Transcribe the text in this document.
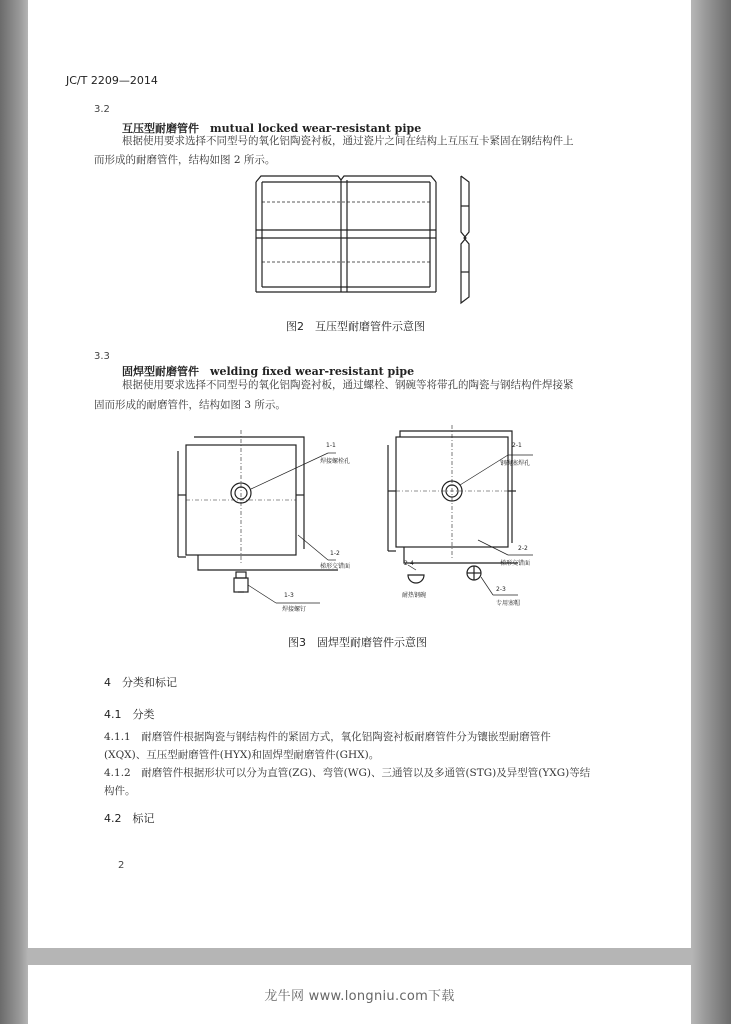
JC/T 2209—2014
3.2
互压型耐磨管件　mutual locked wear-resistant pipe
根据使用要求选择不同型号的氧化铝陶瓷衬板，通过瓷片之间在结构上互压互卡紧固在钢结构件上
而形成的耐磨管件，结构如图 2 所示。
图2　互压型耐磨管件示意图
3.3
固焊型耐磨管件　welding fixed wear-resistant pipe
根据使用要求选择不同型号的氧化铝陶瓷衬板，通过螺栓、钢碗等将带孔的陶瓷与钢结构件焊接紧
固而形成的耐磨管件，结构如图 3 所示。
1-1
焊接螺栓孔
1-2
梯形交错面
1-3
焊接螺钉
2-1
钢碗塞焊孔
2-2
梯形交错面
2-3
专用塞帽
2-4
耐热钢碗
图3　固焊型耐磨管件示意图
4　分类和标记
4.1　分类
4.1.1　耐磨管件根据陶瓷与钢结构件的紧固方式，氧化铝陶瓷衬板耐磨管件分为镶嵌型耐磨管件
(XQX)、互压型耐磨管件(HYX)和固焊型耐磨管件(GHX)。
4.1.2　耐磨管件根据形状可以分为直管(ZG)、弯管(WG)、三通管以及多通管(STG)及异型管(YXG)等结
构件。
4.2　标记
2
龙牛网 www.longniu.com下载
